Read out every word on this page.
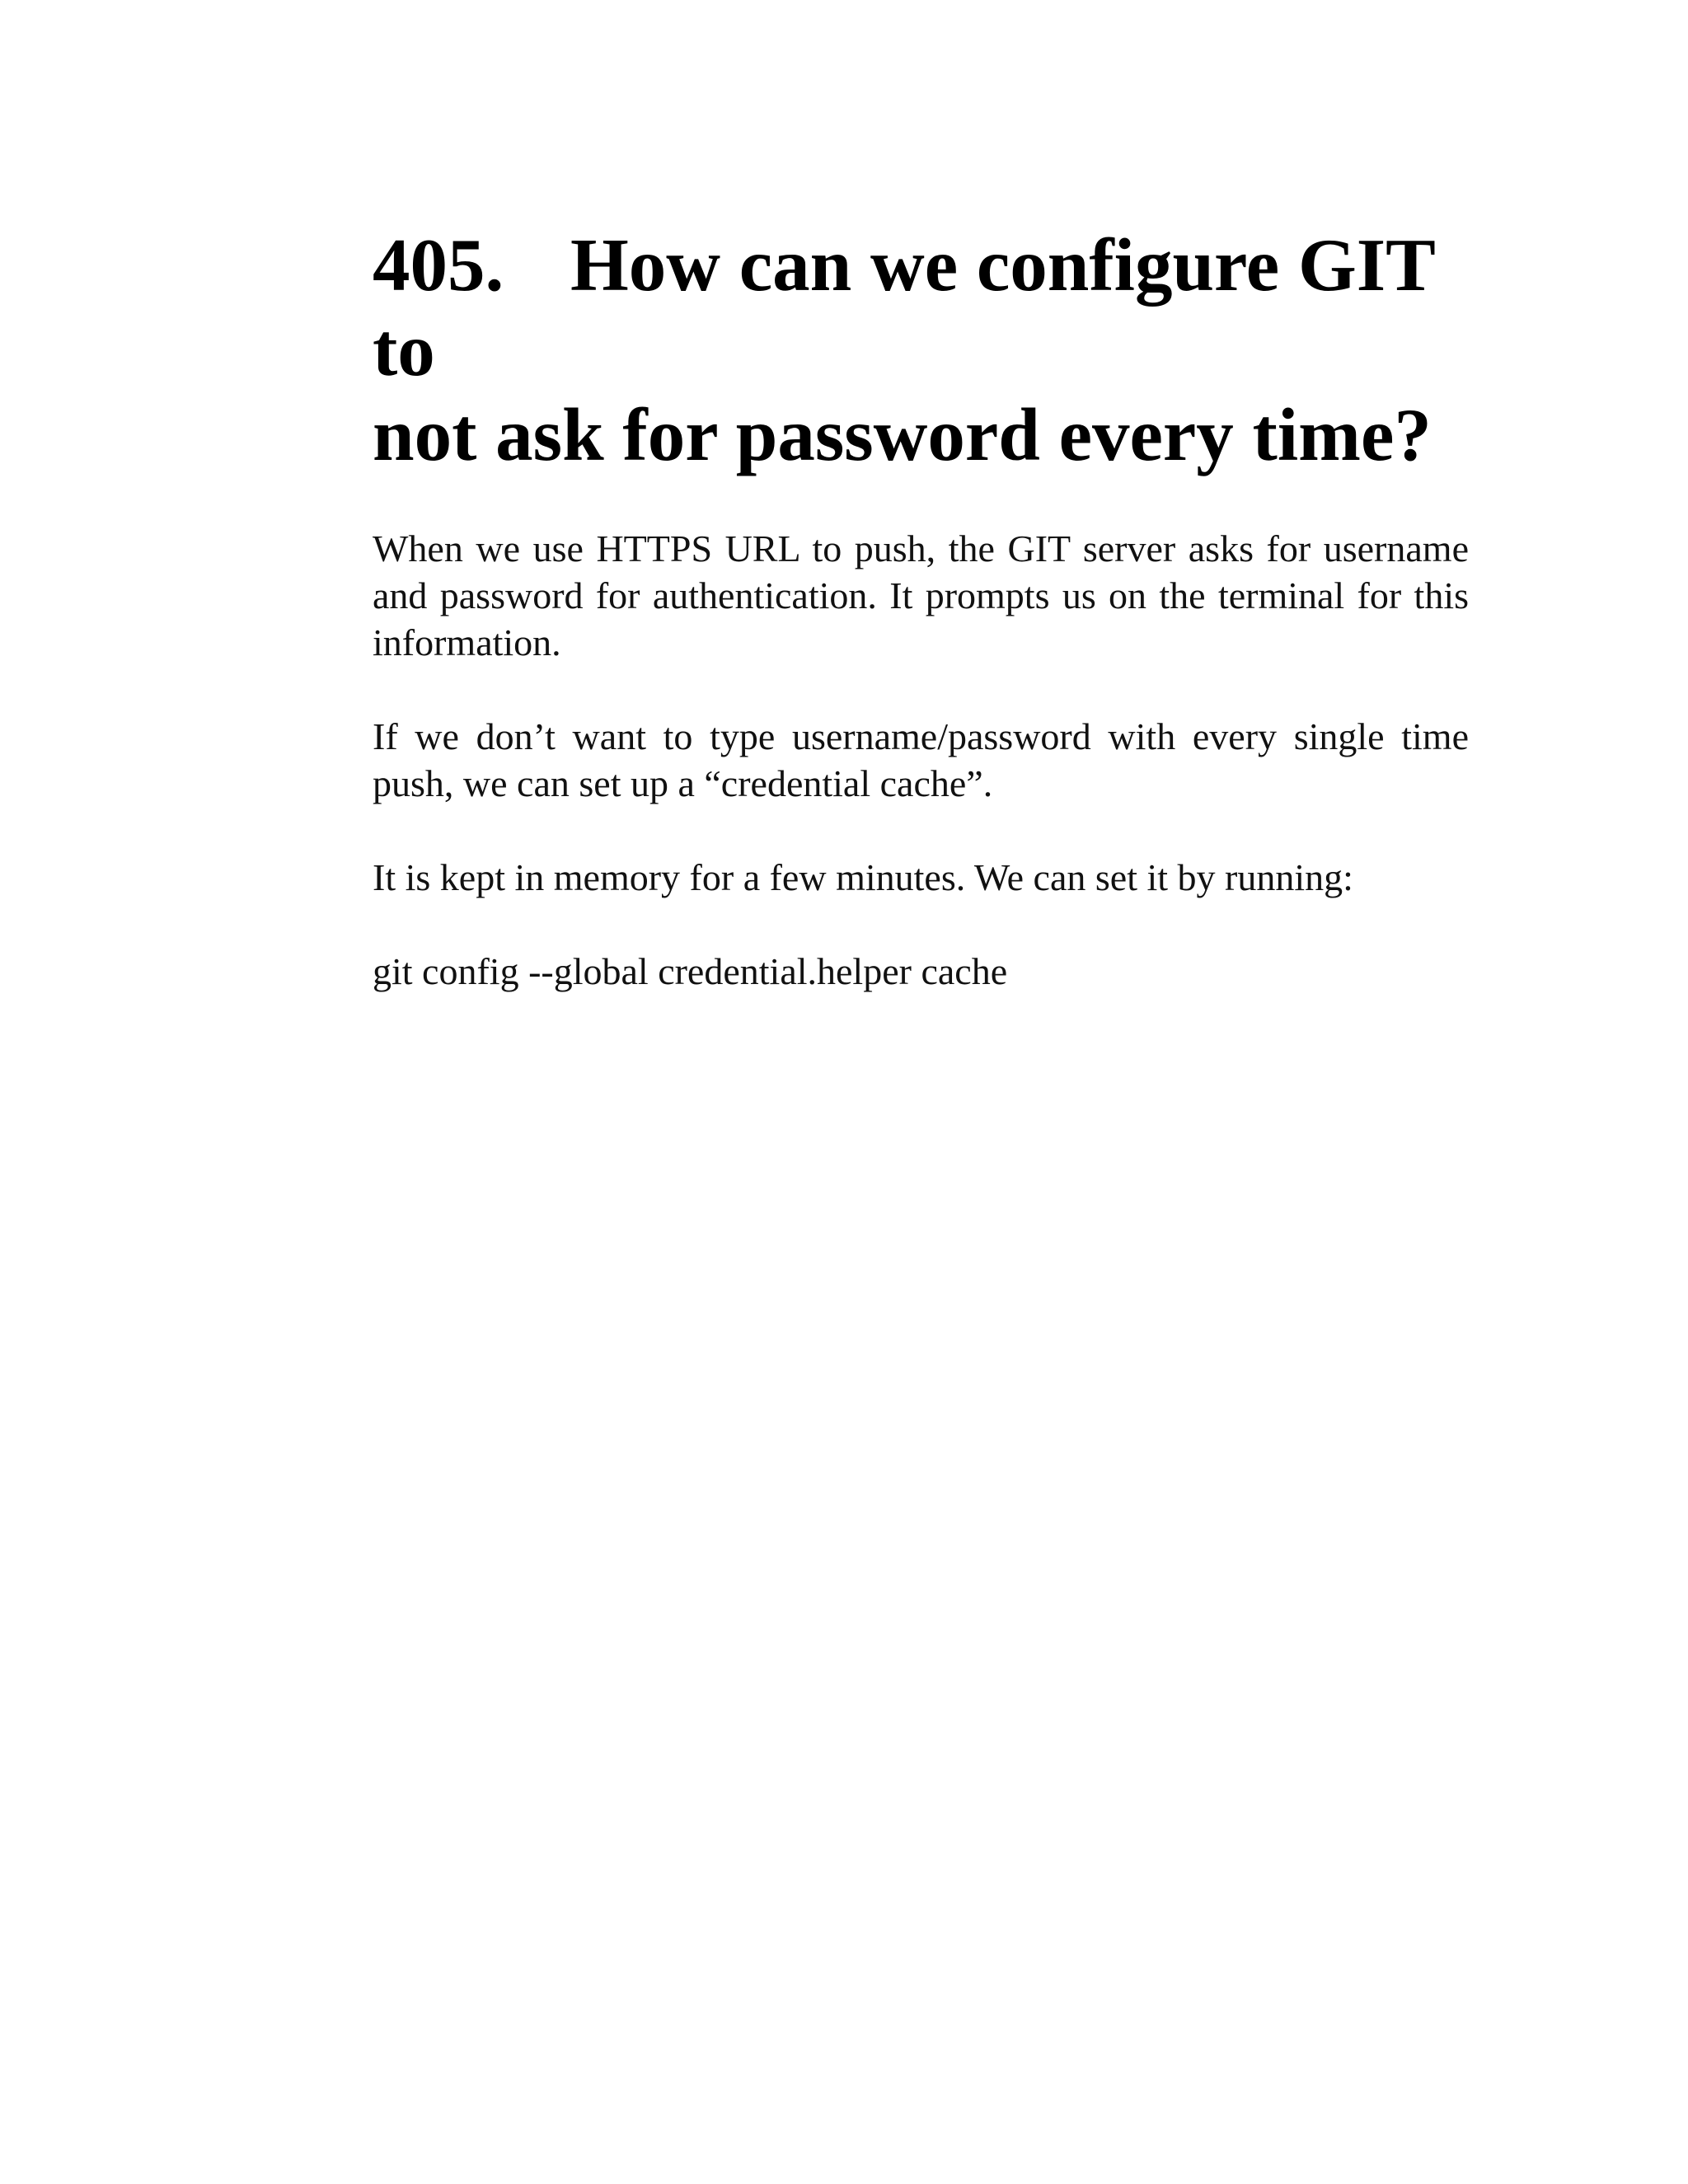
405. How can we configure GIT to
not ask for password every time?

When we use HTTPS URL to push, the GIT server asks for username and password for authentication. It prompts us on the terminal for this information.

If we don’t want to type username/password with every single time push, we can set up a “credential cache”.

It is kept in memory for a few minutes. We can set it by running:

git config --global credential.helper cache
